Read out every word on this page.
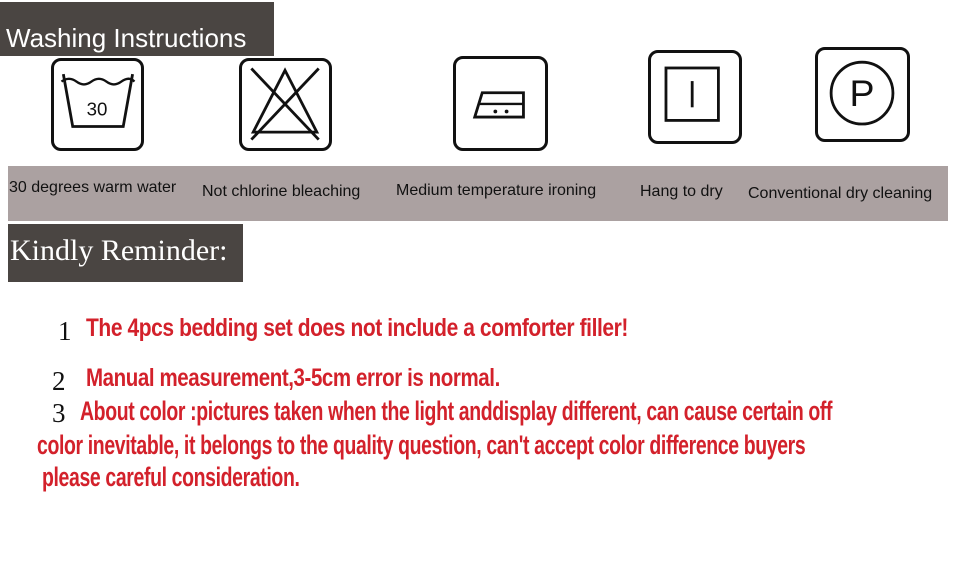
Washing Instructions
30	P
30 degrees warm water Not chlorine bleaching Medium temperature ironing	Hang to dry Conventional dry cleaning
Kindly Reminder:
1 The 4pcs bedding set does not include a comforter filler!
2 Manual measurement,3-5cm error is normal.
3 About color :pictures taken when the light anddisplay different, can cause certain off
color inevitable, it belongs to the quality question, can't accept color difference buyers
please careful consideration.
